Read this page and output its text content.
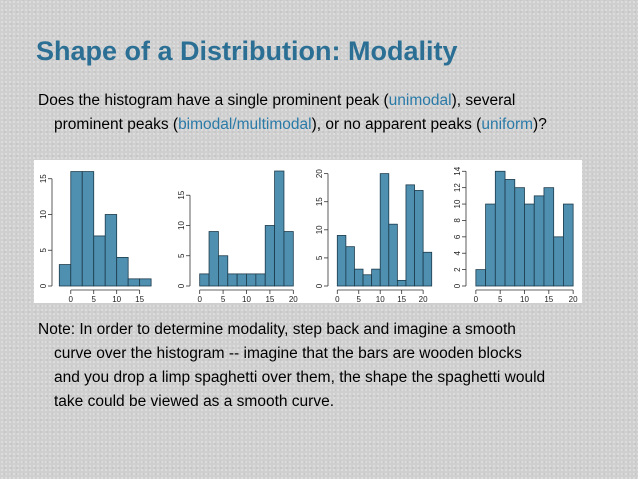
Shape of a Distribution: Modality
Does the histogram have a single prominent peak (unimodal), several
prominent peaks (bimodal/multimodal), or no apparent peaks (uniform)?
0
5
10
15
0 5 10 15
0
5
10
15
0 5 10 15 20
0
5
10
15
20
0 5 10 15 20
0
2
4
6
8
10
12
14
0 5 10 15 20
Note: In order to determine modality, step back and imagine a smooth
curve over the histogram -- imagine that the bars are wooden blocks
and you drop a limp spaghetti over them, the shape the spaghetti would
take could be viewed as a smooth curve.
